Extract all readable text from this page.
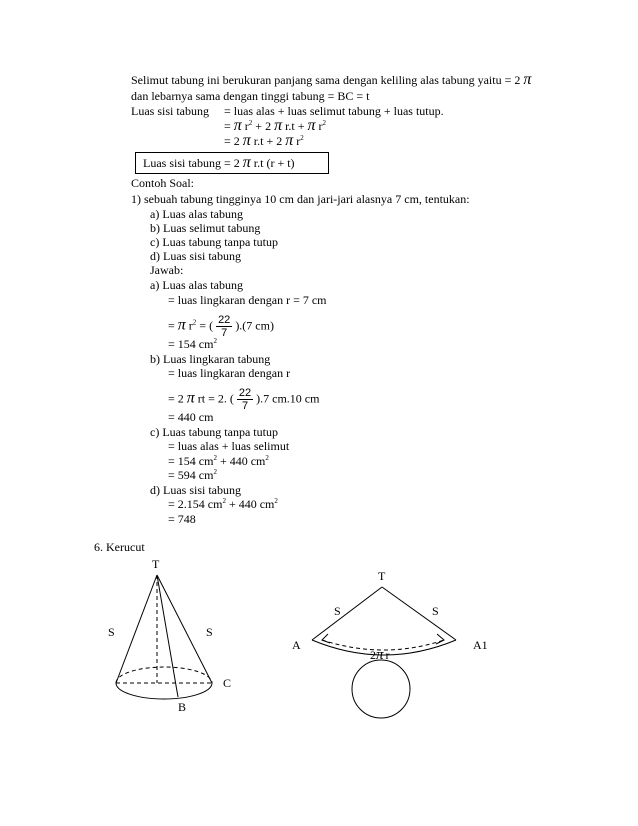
Selimut tabung ini berukuran panjang sama dengan keliling alas tabung yaitu = 2 π
dan lebarnya sama dengan tinggi tabung = BC = t
Luas sisi tabung = luas alas + luas selimut tabung + luas tutup.
= π $r^2 + 2$ π r.t + π $r^2$
= 2 π r.t + 2 π $r^2$
Luas sisi tabung = 2 π r.t (r + t)
Contoh Soal:
1) sebuah tabung tingginya 10 cm dan jari-jari alasnya 7 cm, tentukan:
a) Luas alas tabung
b) Luas selimut tabung
c) Luas tabung tanpa tutup
d) Luas sisi tabung
Jawab:
a) Luas alas tabung
= luas lingkaran dengan r = 7 cm
= π $r^2$ = ( $\frac{22}{7} ).(7$ cm)
= 154 $cm^2$
b) Luas lingkaran tabung
= luas lingkaran dengan r
= 2 π rt = 2. ( $\frac{22}{7} ).7$ cm.10 cm
= 440 cm
c) Luas tabung tanpa tutup
= luas alas + luas selimut
= 154 $cm^2 + 440$ $cm^2$
= 594 $cm^2$
d) Luas sisi tabung
= 2.154 $cm^2 + 440$ $cm^2$
= 748
6. Kerucut
T
S	S
C
B
T
S	S
A	A1
2π r
